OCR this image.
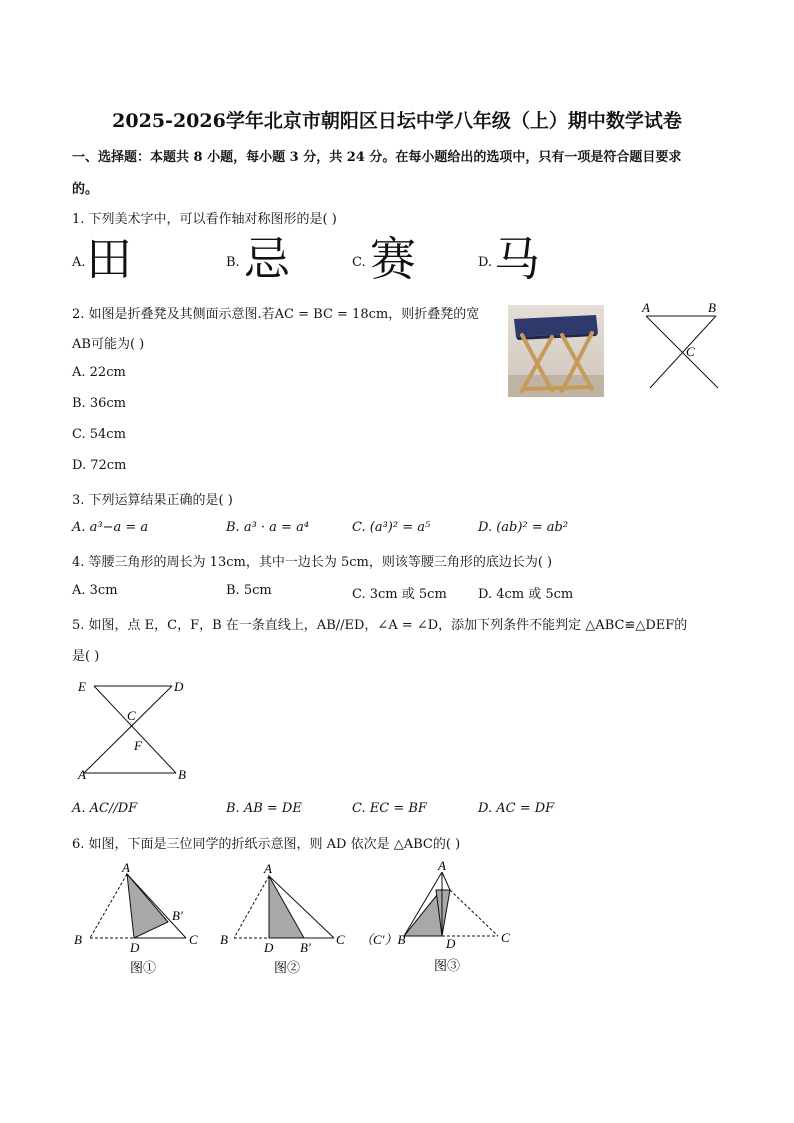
2025-2026学年北京市朝阳区日坛中学八年级（上）期中数学试卷
一、选择题：本题共 8 小题，每小题 3 分，共 24 分。在每小题给出的选项中，只有一项是符合题目要求
的。
1. 下列美术字中，可以看作轴对称图形的是( )
A. 田	B. 忌	C. 赛	D. 马
2. 如图是折叠凳及其侧面示意图.若AC = BC = 18cm，则折叠凳的宽
AB可能为( )
A. 22cm
B. 36cm
C. 54cm
D. 72cm
A	B
C
3. 下列运算结果正确的是( )
A. a³−a = a	B. a³ · a = a⁴	C. (a³)² = a⁵	D. (ab)² = ab²
4. 等腰三角形的周长为 13cm，其中一边长为 5cm，则该等腰三角形的底边长为( )
A. 3cm	B. 5cm	C. 3cm 或 5cm D. 4cm 或 5cm
5. 如图，点 E，C，F，B 在一条直线上，AB//ED，∠A = ∠D，添加下列条件不能判定 △ABC≌△DEF的
是( )
E	D
C
F
A	B
A. AC//DF	B. AB = DE	C. EC = BF	D. AC = DF
6. 如图，下面是三位同学的折纸示意图，则 AD 依次是 △ABC的( )
A
B
B′
C
D
图①
A
B
D B′
C
图②
A
（C′）B	D	C
图③
